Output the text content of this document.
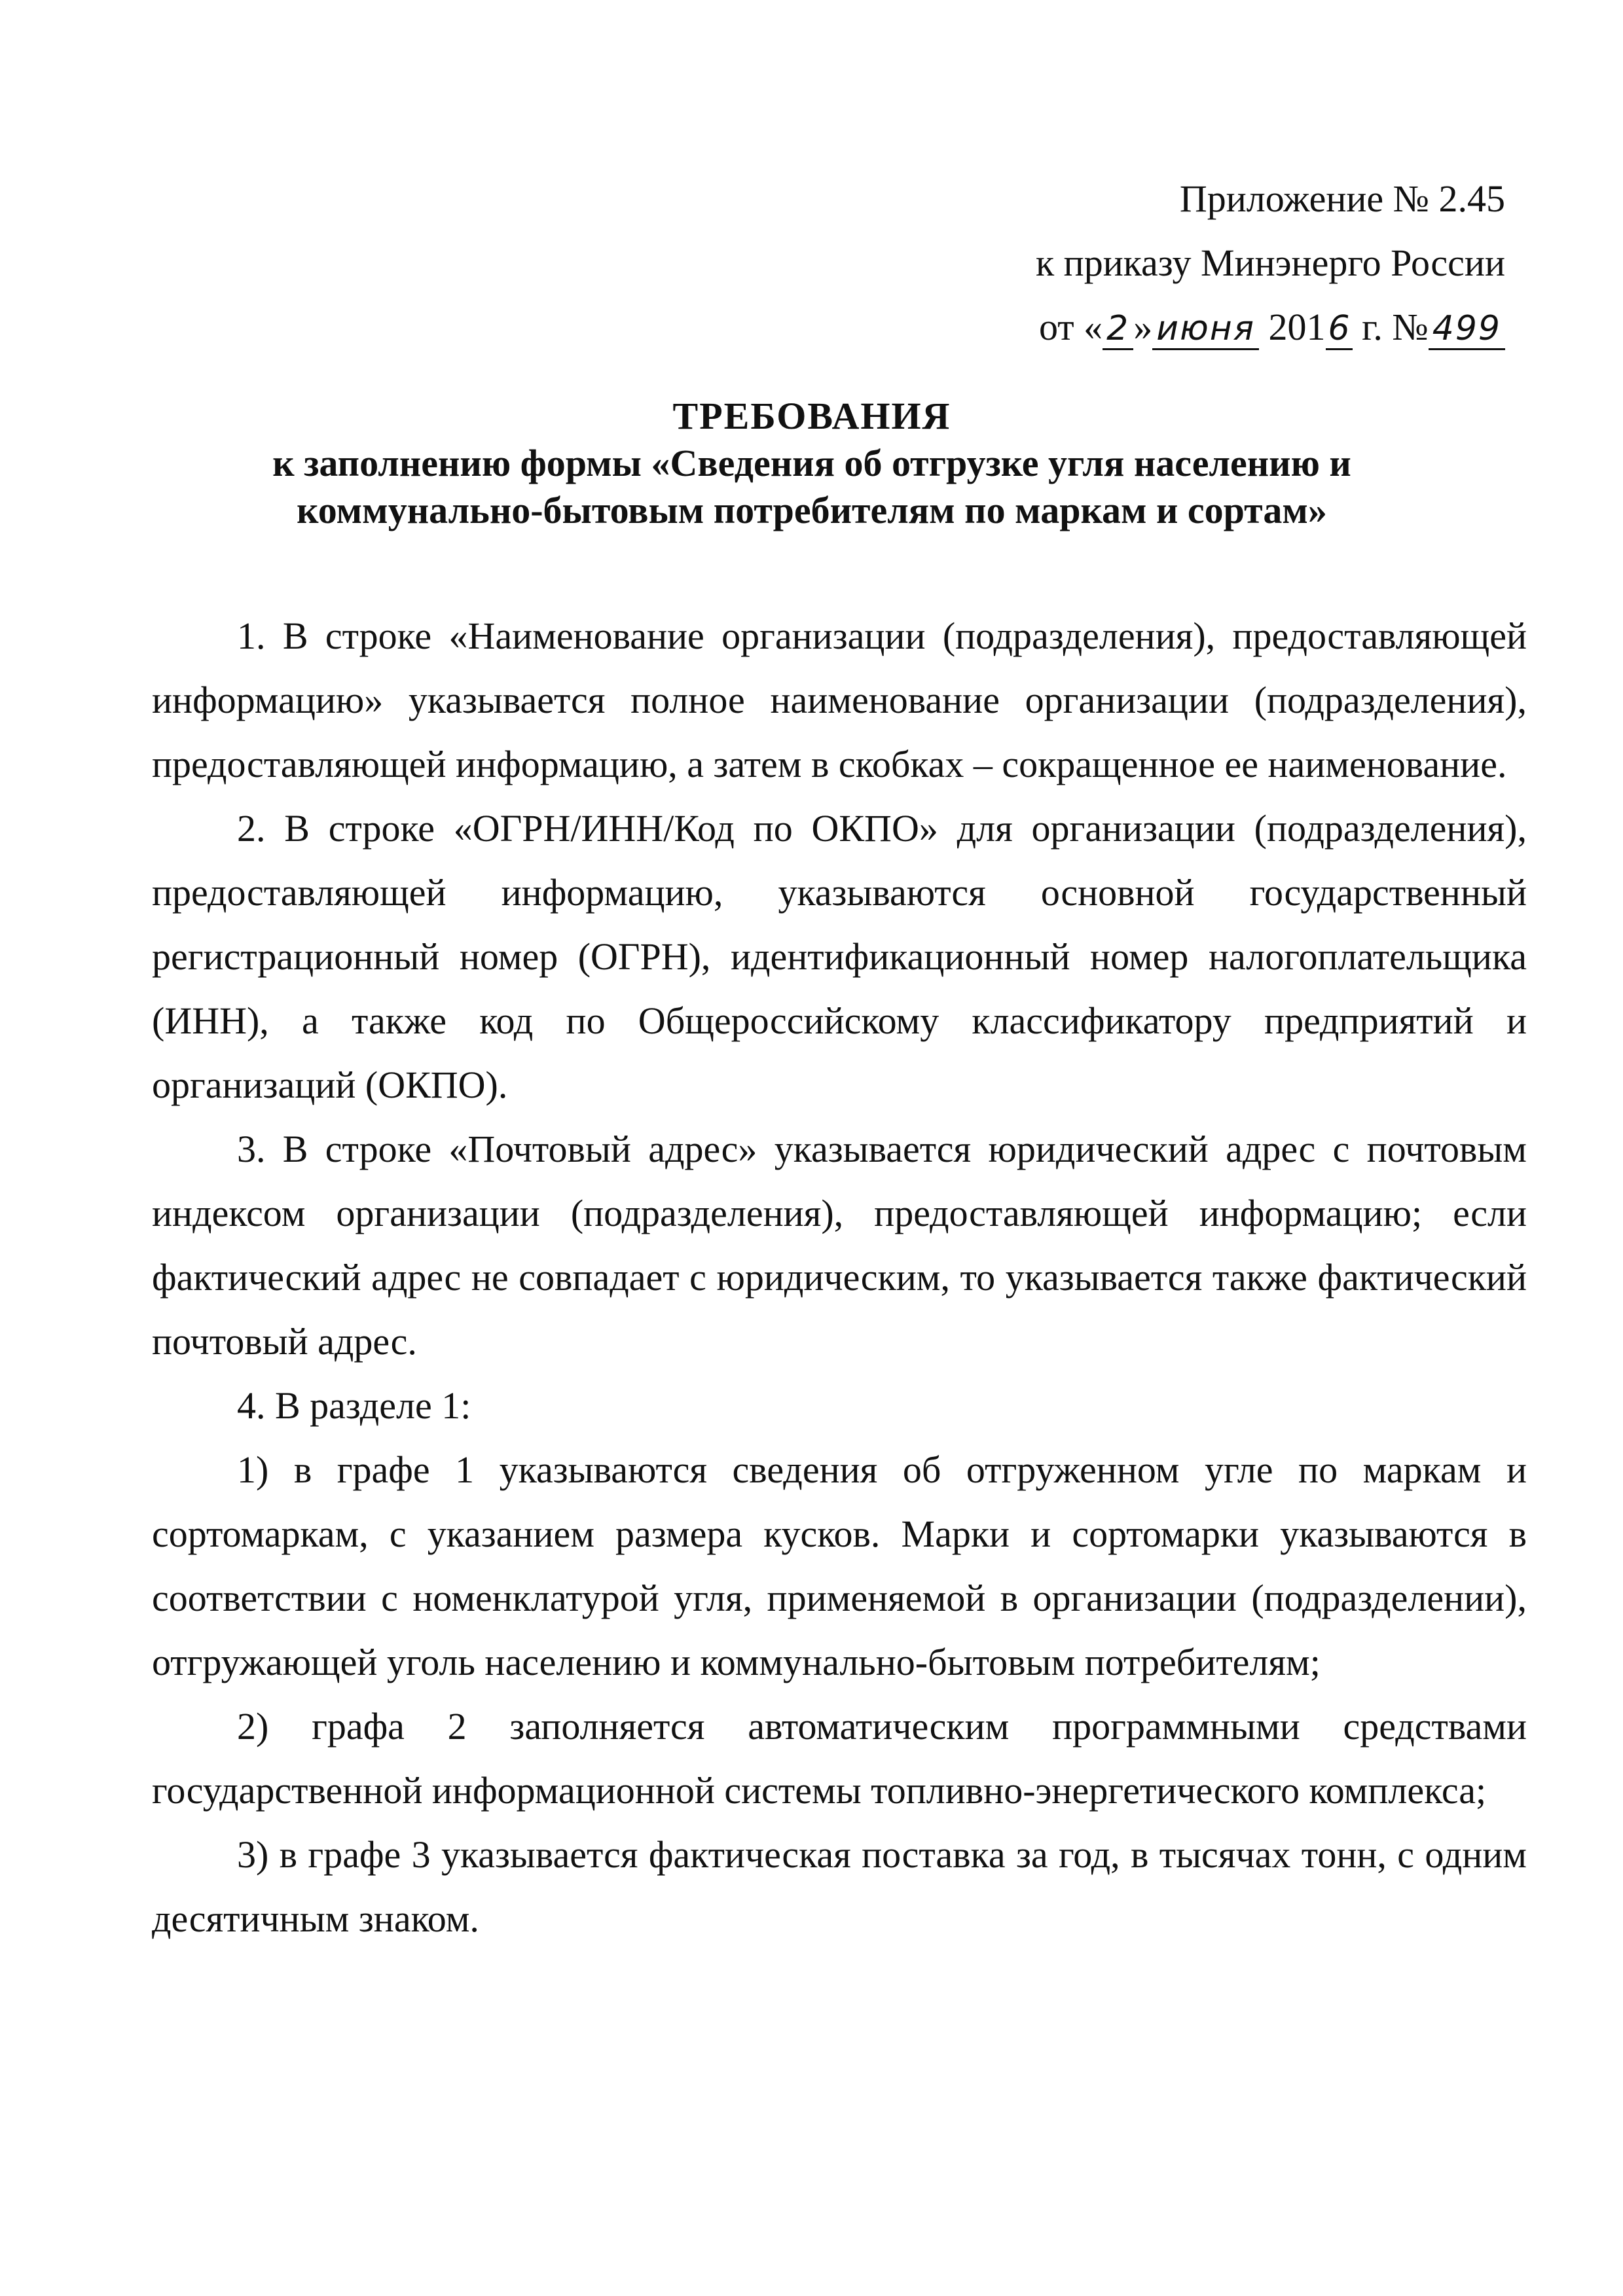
Приложение № 2.45
к приказу Минэнерго России
от « 2 » июня 2016 г. № 499
ТРЕБОВАНИЯ
к заполнению формы «Сведения об отгрузке угля населению и коммунально-бытовым потребителям по маркам и сортам»

1. В строке «Наименование организации (подразделения), предоставляющей информацию» указывается полное наименование организации (подразделения), предоставляющей информацию, а затем в скобках – сокращенное ее наименование.

2. В строке «ОГРН/ИНН/Код по ОКПО» для организации (подразделения), предоставляющей информацию, указываются основной государственный регистрационный номер (ОГРН), идентификационный номер налогоплательщика (ИНН), а также код по Общероссийскому классификатору предприятий и организаций (ОКПО).

3. В строке «Почтовый адрес» указывается юридический адрес с почтовым индексом организации (подразделения), предоставляющей информацию; если фактический адрес не совпадает с юридическим, то указывается также фактический почтовый адрес.

4. В разделе 1:

1) в графе 1 указываются сведения об отгруженном угле по маркам и сортомаркам, с указанием размера кусков. Марки и сортомарки указываются в соответствии с номенклатурой угля, применяемой в организации (подразделении), отгружающей уголь населению и коммунально-бытовым потребителям;

2) графа 2 заполняется автоматическим программными средствами государственной информационной системы топливно-энергетического комплекса;

3) в графе 3 указывается фактическая поставка за год, в тысячах тонн, с одним десятичным знаком.
